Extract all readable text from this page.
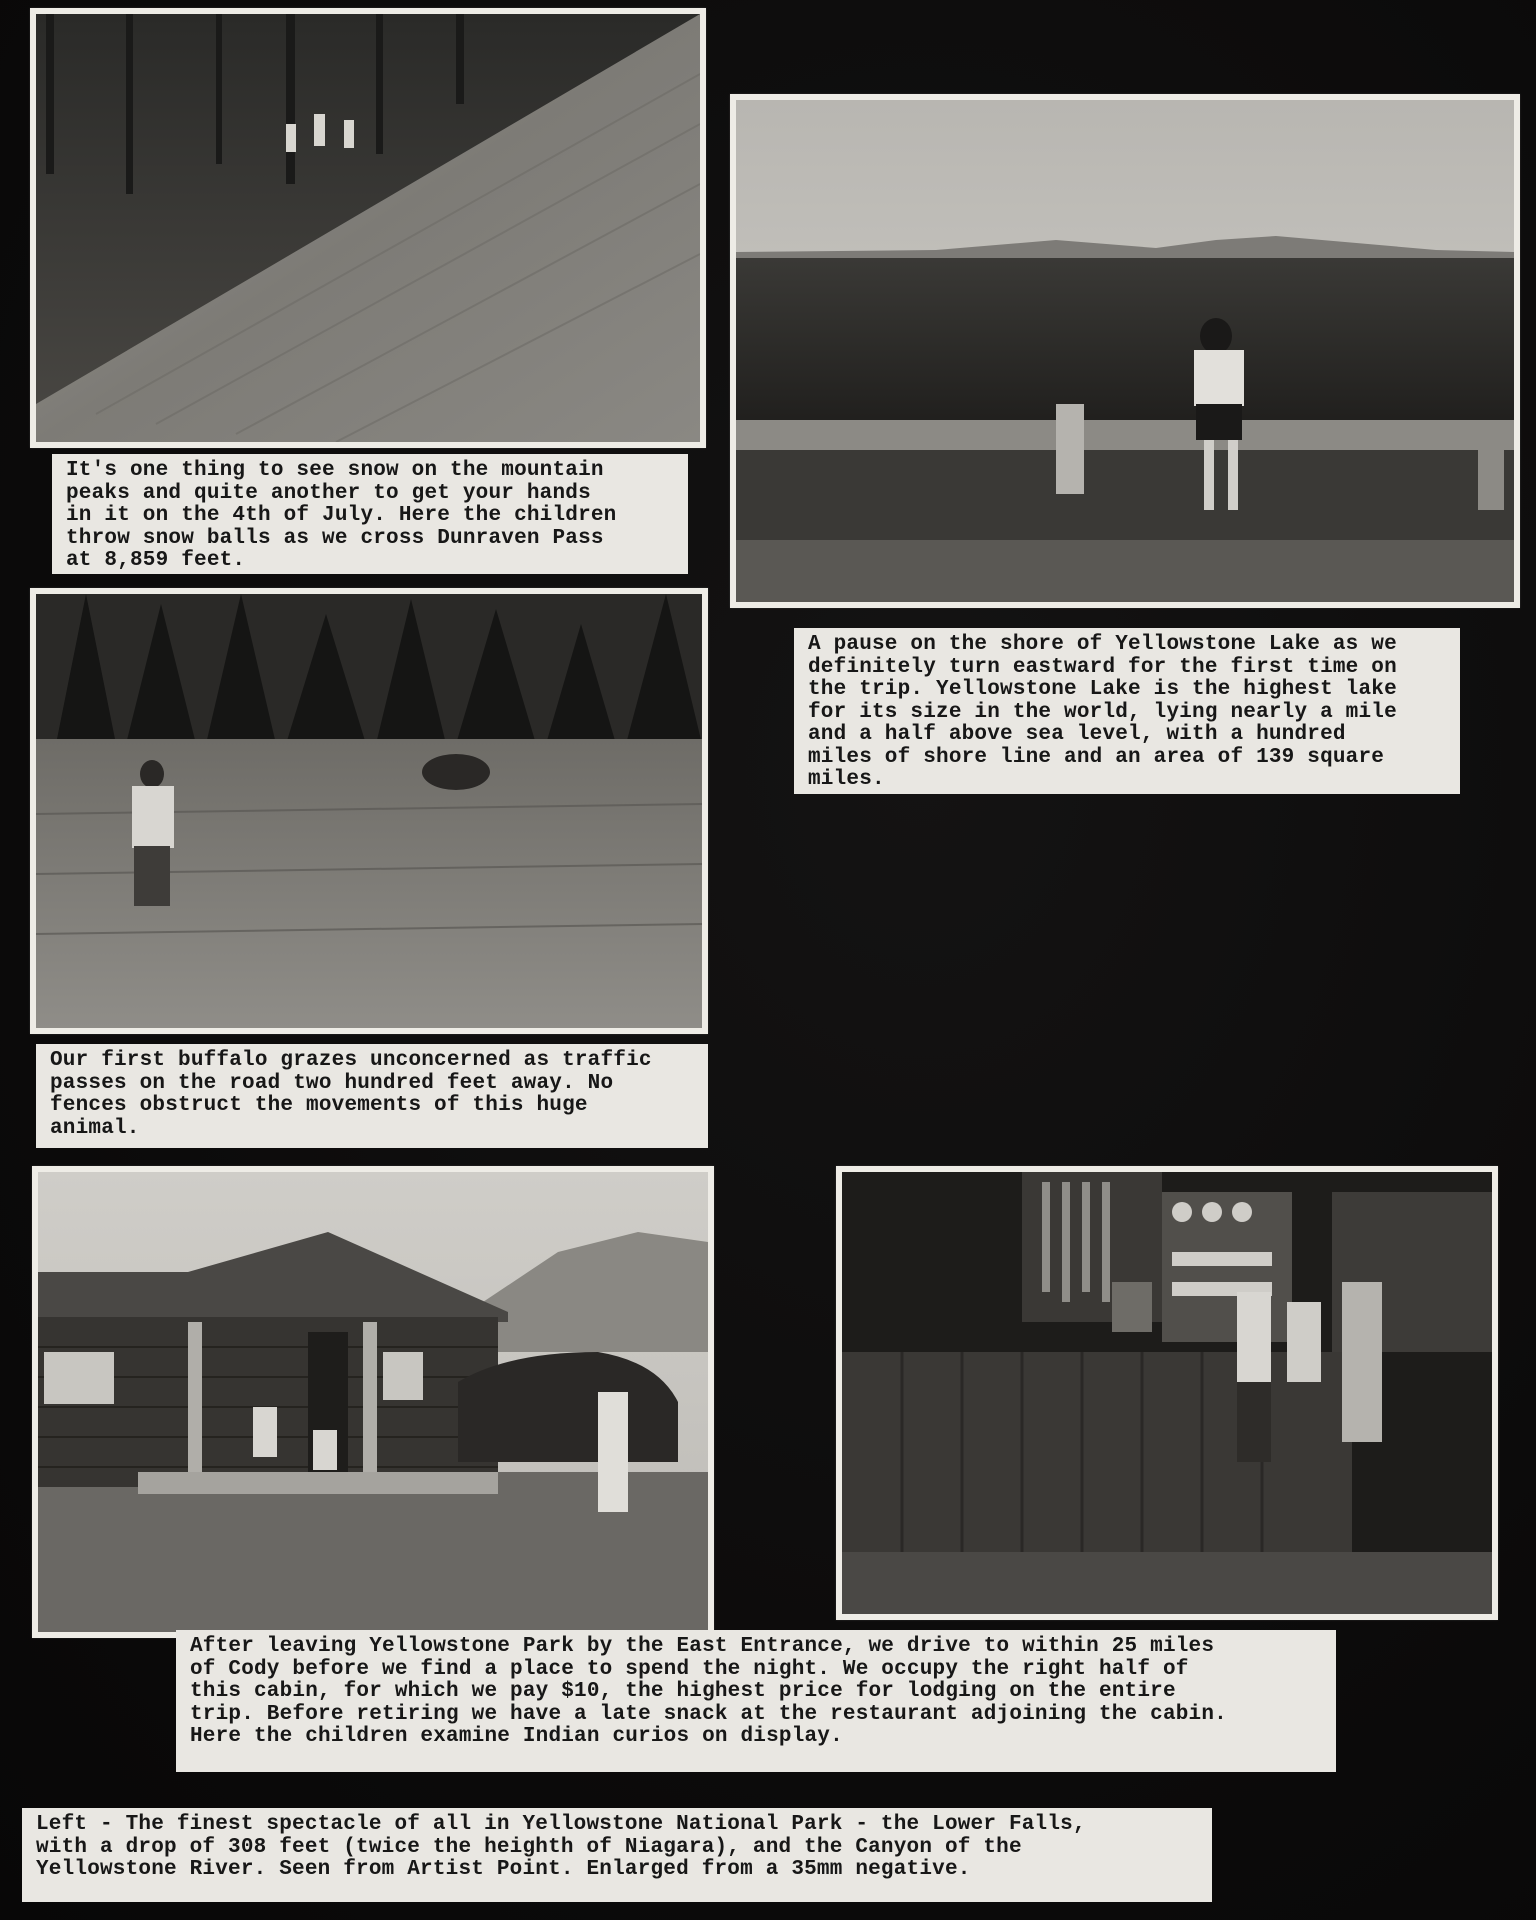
It's one thing to see snow on the mountain
peaks and quite another to get your hands
in it on the 4th of July. Here the children
throw snow balls as we cross Dunraven Pass
at 8,859 feet.
A pause on the shore of Yellowstone Lake as we
definitely turn eastward for the first time on
the trip. Yellowstone Lake is the highest lake
for its size in the world, lying nearly a mile
and a half above sea level, with a hundred
miles of shore line and an area of 139 square
miles.
Our first buffalo grazes unconcerned as traffic
passes on the road two hundred feet away. No
fences obstruct the movements of this huge
animal.
After leaving Yellowstone Park by the East Entrance, we drive to within 25 miles
of Cody before we find a place to spend the night. We occupy the right half of
this cabin, for which we pay $10, the highest price for lodging on the entire
trip. Before retiring we have a late snack at the restaurant adjoining the cabin.
Here the children examine Indian curios on display.
Left - The finest spectacle of all in Yellowstone National Park - the Lower Falls,
with a drop of 308 feet (twice the heighth of Niagara), and the Canyon of the
Yellowstone River. Seen from Artist Point. Enlarged from a 35mm negative.
